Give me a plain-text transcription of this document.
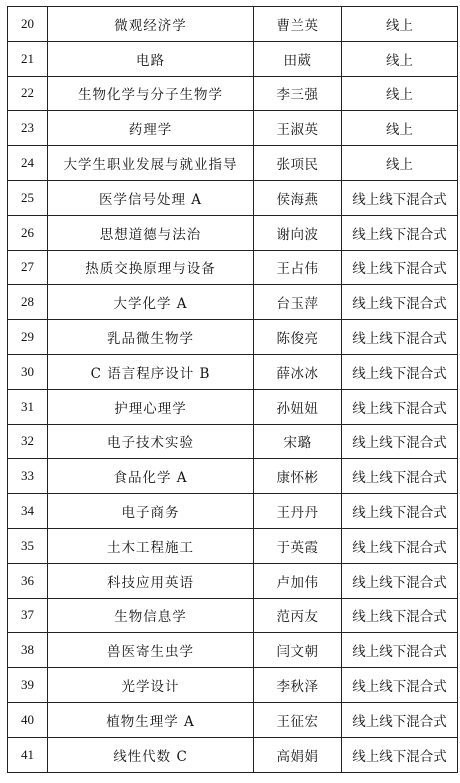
20	微观经济学	曹兰英	线上
21	电路	田葳	线上
22	生物化学与分子生物学	李三强	线上
23	药理学	王淑英	线上
24	大学生职业发展与就业指导	张项民	线上
25	医学信号处理 A	侯海燕	线上线下混合式
26	思想道德与法治	谢向波	线上线下混合式
27	热质交换原理与设备	王占伟	线上线下混合式
28	大学化学 A	台玉萍	线上线下混合式
29	乳品微生物学	陈俊亮	线上线下混合式
30	C 语言程序设计 B	薛冰冰	线上线下混合式
31	护理心理学	孙妞妞	线上线下混合式
32	电子技术实验	宋璐	线上线下混合式
33	食品化学 A	康怀彬	线上线下混合式
34	电子商务	王丹丹	线上线下混合式
35	土木工程施工	于英霞	线上线下混合式
36	科技应用英语	卢加伟	线上线下混合式
37	生物信息学	范丙友	线上线下混合式
38	兽医寄生虫学	闫文朝	线上线下混合式
39	光学设计	李秋泽	线上线下混合式
40	植物生理学 A	王征宏	线上线下混合式
41	线性代数 C	高娟娟	线上线下混合式
